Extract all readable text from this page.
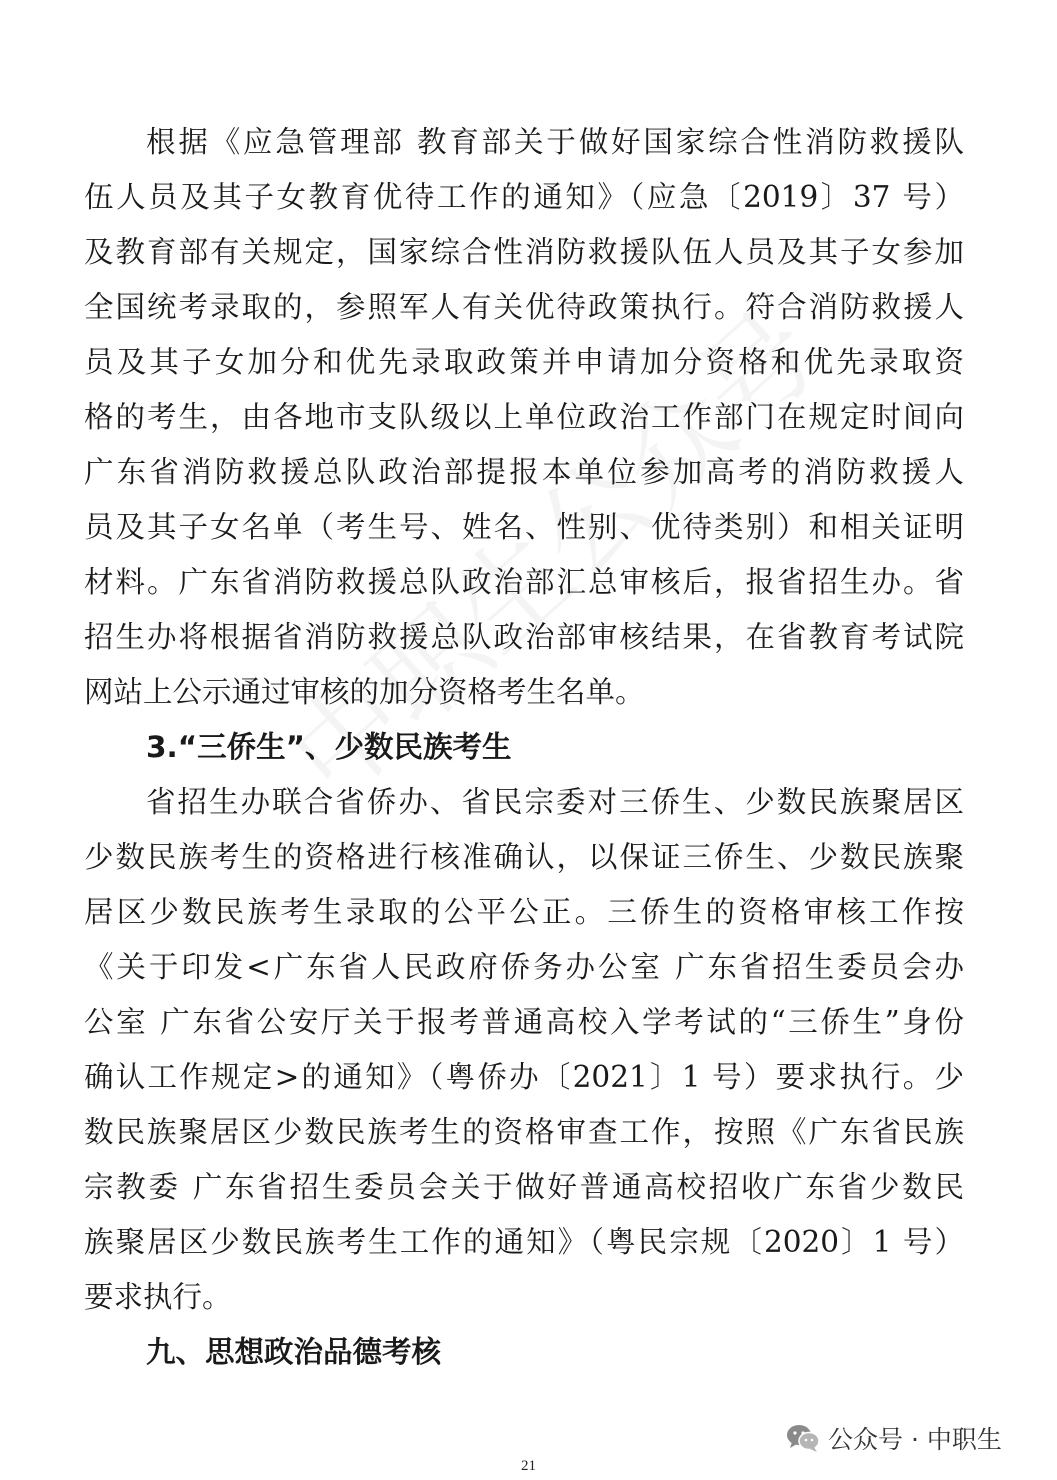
根据《应急管理部 教育部关于做好国家综合性消防救援队
伍人员及其子女教育优待工作的通知》（应急〔2019〕37 号）
及教育部有关规定，国家综合性消防救援队伍人员及其子女参加
全国统考录取的，参照军人有关优待政策执行。符合消防救援人
员及其子女加分和优先录取政策并申请加分资格和优先录取资
格的考生，由各地市支队级以上单位政治工作部门在规定时间向
广东省消防救援总队政治部提报本单位参加高考的消防救援人
员及其子女名单（考生号、姓名、性别、优待类别）和相关证明
材料。广东省消防救援总队政治部汇总审核后，报省招生办。省
招生办将根据省消防救援总队政治部审核结果，在省教育考试院
网站上公示通过审核的加分资格考生名单。
3.“三侨生”、少数民族考生
省招生办联合省侨办、省民宗委对三侨生、少数民族聚居区
少数民族考生的资格进行核准确认，以保证三侨生、少数民族聚
居区少数民族考生录取的公平公正。三侨生的资格审核工作按
《关于印发<广东省人民政府侨务办公室 广东省招生委员会办
公室 广东省公安厅关于报考普通高校入学考试的“三侨生”身份
确认工作规定>的通知》（粤侨办〔2021〕1 号）要求执行。少
数民族聚居区少数民族考生的资格审查工作，按照《广东省民族
宗教委 广东省招生委员会关于做好普通高校招收广东省少数民
族聚居区少数民族考生工作的通知》（粤民宗规〔2020〕1 号）
要求执行。
九、思想政治品德考核
公众号 · 中职生
21
